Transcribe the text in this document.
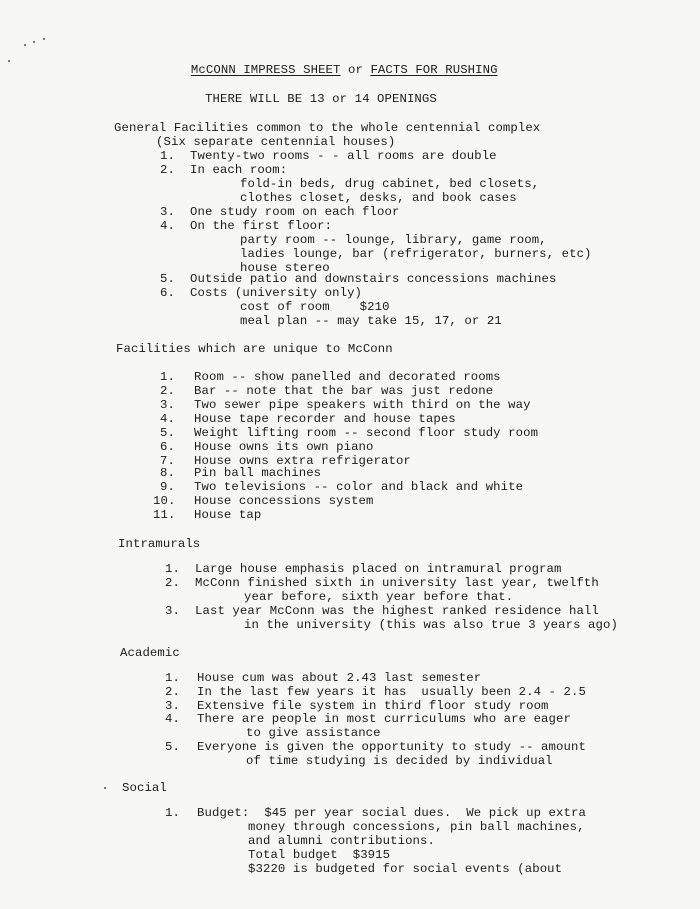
McCONN IMPRESS SHEET or FACTS FOR RUSHING

THERE WILL BE 13 or 14 OPENINGS
General Facilities common to the whole centennial complex
(Six separate centennial houses)
1. Twenty-two rooms - - all rooms are double
2. In each room:
fold-in beds, drug cabinet, bed closets,
clothes closet, desks, and book cases
3. One study room on each floor
4. On the first floor:
party room -- lounge, library, game room,
ladies lounge, bar (refrigerator, burners, etc)
house stereo
5. Outside patio and downstairs concessions machines
6. Costs (university only)
cost of room    $210
meal plan -- may take 15, 17, or 21
Facilities which are unique to McConn
1. Room -- show panelled and decorated rooms
2. Bar -- note that the bar was just redone
3. Two sewer pipe speakers with third on the way
4. House tape recorder and house tapes
5. Weight lifting room -- second floor study room
6. House owns its own piano
7. House owns extra refrigerator
8. Pin ball machines
9. Two televisions -- color and black and white
10. House concessions system
11. House tap
Intramurals
1. Large house emphasis placed on intramural program
2. McConn finished sixth in university last year, twelfth
year before, sixth year before that.
3. Last year McConn was the highest ranked residence hall
in the university (this was also true 3 years ago)
Academic
1. House cum was about 2.43 last semester
2. In the last few years it has  usually been 2.4 - 2.5
3. Extensive file system in third floor study room
4. There are people in most curriculums who are eager
to give assistance
5. Everyone is given the opportunity to study -- amount
of time studying is decided by individual
Social
1. Budget:  $45 per year social dues.  We pick up extra
money through concessions, pin ball machines,
and alumni contributions.
Total budget  $3915
$3220 is budgeted for social events (about
